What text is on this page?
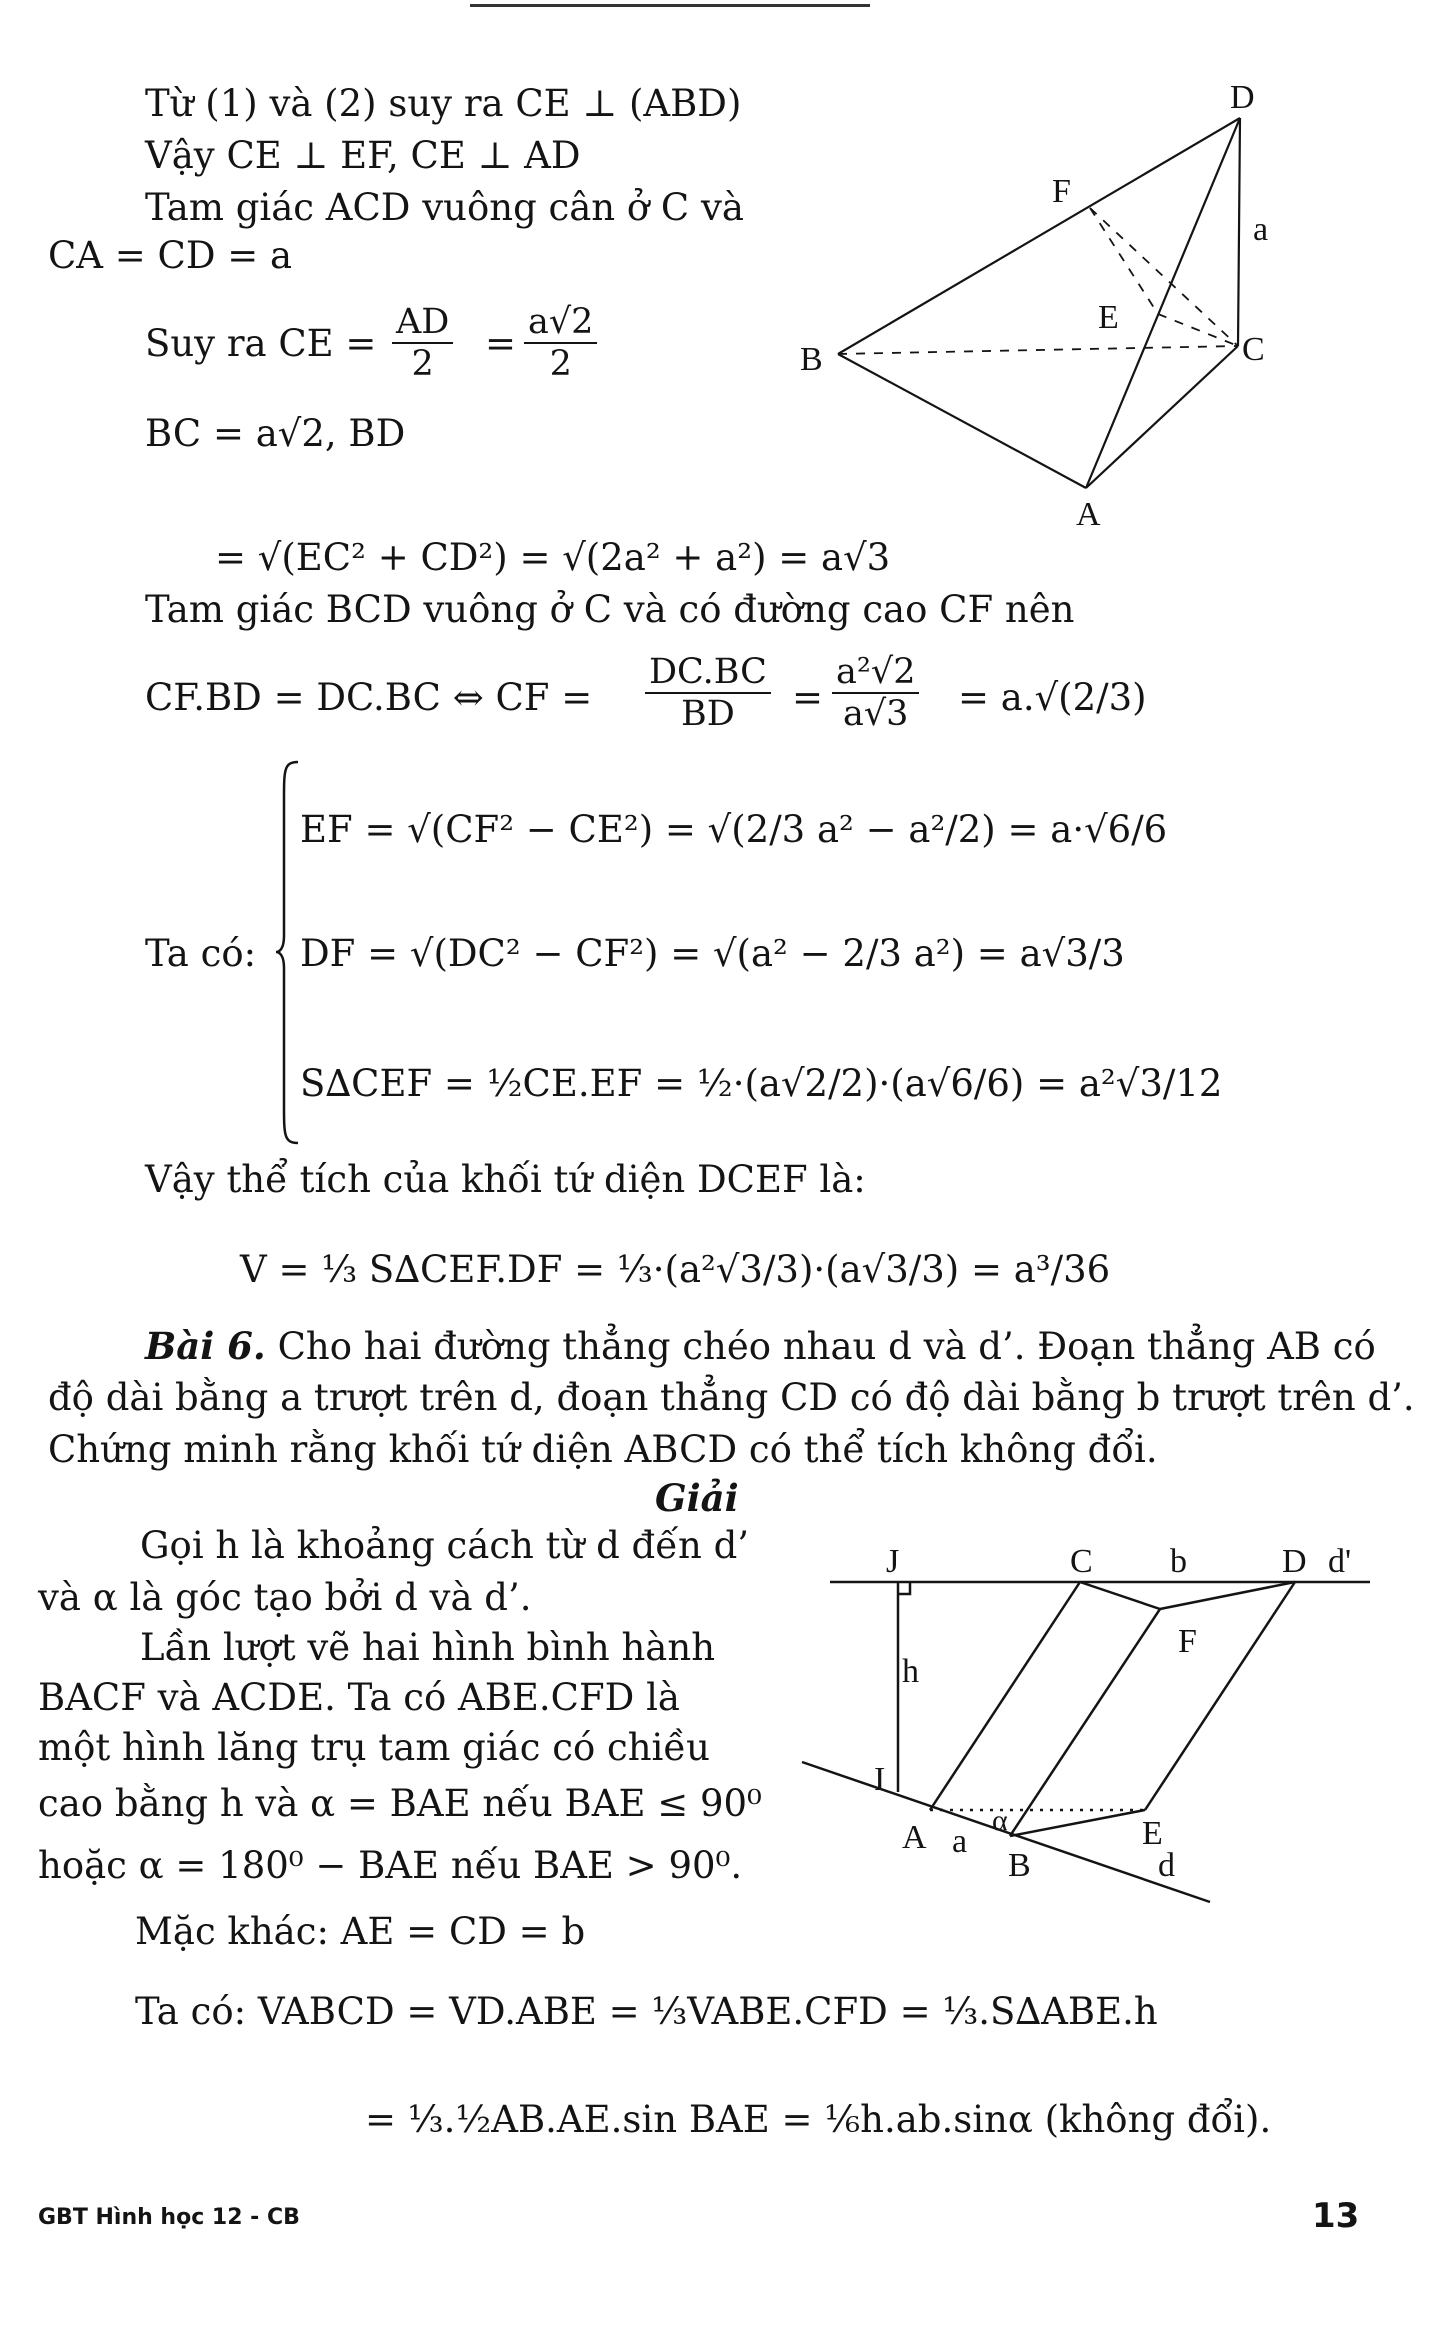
Từ (1) và (2) suy ra CE ⊥ (ABD)
Vậy CE ⊥ EF, CE ⊥ AD
Tam giác ACD vuông cân ở C và
CA = CD = a
Suy ra CE = $\frac{AD}{2} = \frac{a√2}{2}$
BC = a√2, BD
= √(EC² + CD²) = √(2a² + a²) = a√3
Tam giác BCD vuông ở C và có đường cao CF nên
CF.BD = DC.BC ⇔ CF = $\frac{DC.BC}{BD} = \frac{\text{a²√2}}{a√3} = a.√(2/3)$
D
F
a
E
B	C
A
Ta có:
EF = √(CF² − CE²) = √(2/3 a² − a²/2) = a·√6/6
DF = √(DC² − CF²) = √(a² − 2/3 a²) = a√3/3
S∆CEF = ½CE.EF = ½·(a√2/2)·(a√6/6) = a²√3/12
Vậy thể tích của khối tứ diện DCEF là:
V = ⅓ S∆CEF.DF = ⅓·(a²√3/3)·(a√3/3) = a³/36
Bài 6. Cho hai đường thẳng chéo nhau d và d’. Đoạn thẳng AB có
độ dài bằng a trượt trên d, đoạn thẳng CD có độ dài bằng b trượt trên d’.
Chứng minh rằng khối tứ diện ABCD có thể tích không đổi.
Giải
Gọi h là khoảng cách từ d đến d’
và α là góc tạo bởi d và d’.
Lần lượt vẽ hai hình bình hành
BACF và ACDE. Ta có ABE.CFD là
một hình lăng trụ tam giác có chiều
cao bằng h và α = BAE nếu BAE ≤ 90⁰
hoặc α = 180⁰ − BAE nếu BAE > 90⁰.
Mặc khác: AE = CD = b
Ta có: VABCD = VD.ABE = ⅓VABE.CFD = ⅓.S∆ABE.h
= ⅓.½AB.AE.sin BAE = ⅙h.ab.sinα (không đổi).
J	C b	D d'
F
h
I
A a
α	E
B	d
GBT Hình học 12 - CB	13
